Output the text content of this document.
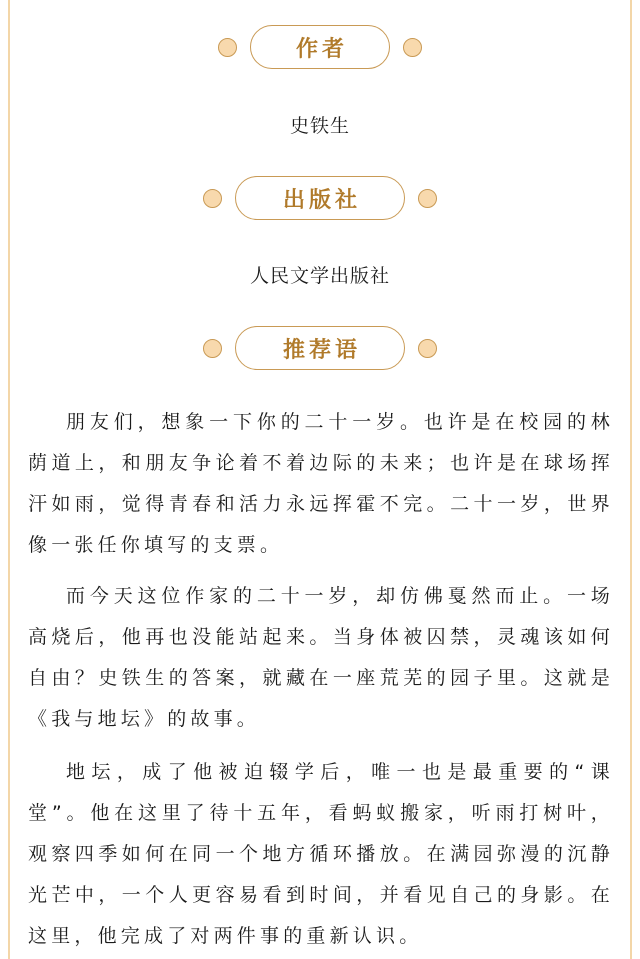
作者
史铁生
出版社
人民文学出版社
推荐语

朋友们，想象一下你的二十一岁。也许是在校园的林荫道上，和朋友争论着不着边际的未来；也许是在球场挥汗如雨，觉得青春和活力永远挥霍不完。二十一岁，世界像一张任你填写的支票。

而今天这位作家的二十一岁，却仿佛戛然而止。一场高烧后，他再也没能站起来。当身体被囚禁，灵魂该如何自由？史铁生的答案，就藏在一座荒芜的园子里。这就是《我与地坛》的故事。

地坛，成了他被迫辍学后，唯一也是最重要的“课堂”。他在这里了待十五年，看蚂蚁搬家，听雨打树叶，观察四季如何在同一个地方循环播放。在满园弥漫的沉静光芒中，一个人更容易看到时间，并看见自己的身影。在这里，他完成了对两件事的重新认识。
